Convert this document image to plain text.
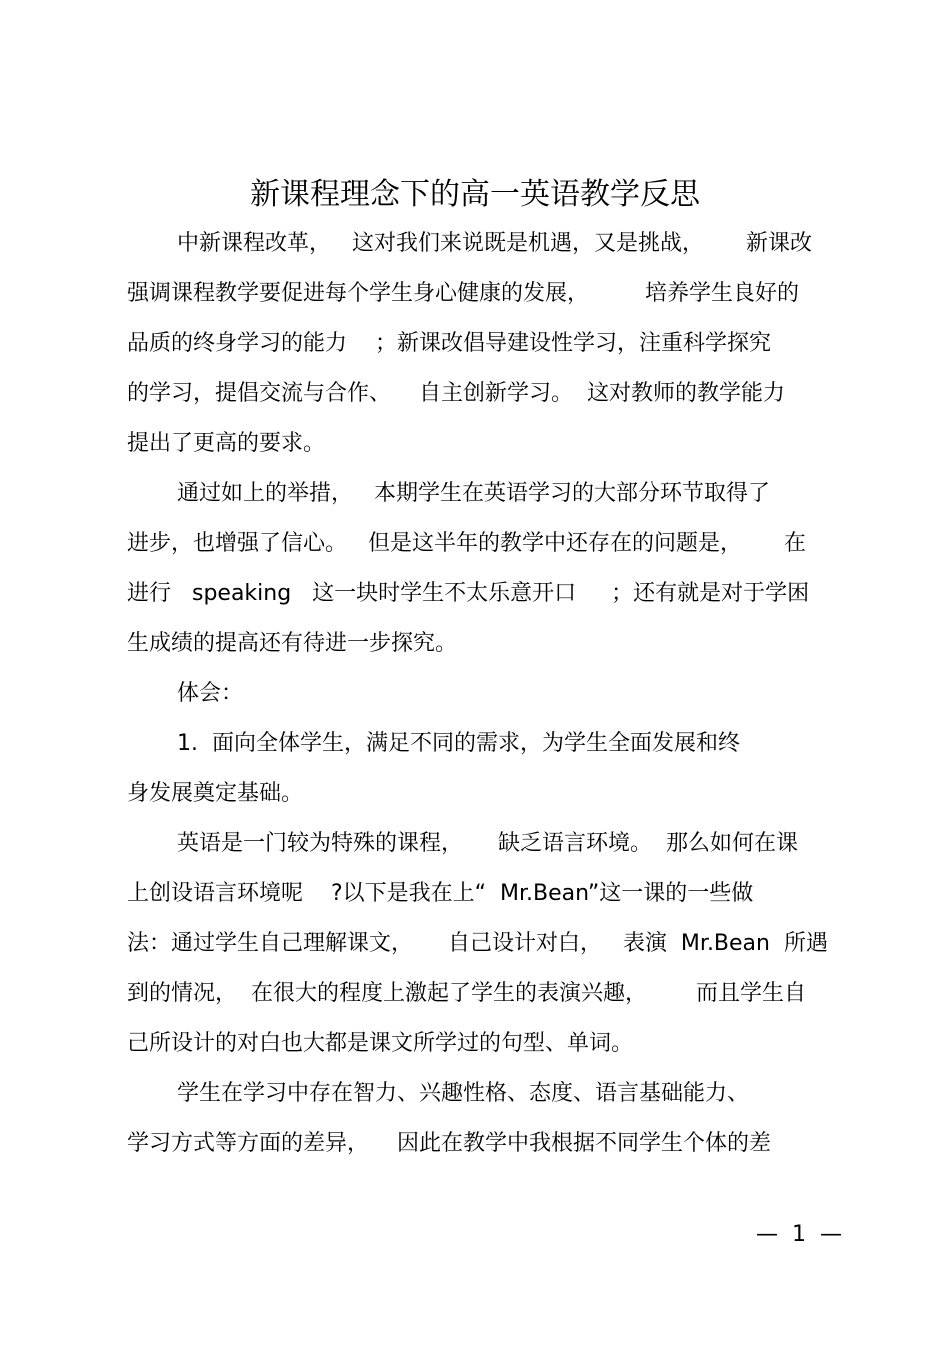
新课程理念下的高一英语教学反思
中新课程改革，   这对我们来说既是机遇，又是挑战，      新课改
强调课程教学要促进每个学生身心健康的发展，        培养学生良好的
品质的终身学习的能力    ；新课改倡导建设性学习，注重科学探究
的学习，提倡交流与合作、    自主创新学习。  这对教师的教学能力
提出了更高的要求。
通过如上的举措，   本期学生在英语学习的大部分环节取得了
进步，也增强了信心。   但是这半年的教学中还存在的问题是，      在
进行   speaking   这一块时学生不太乐意开口     ；还有就是对于学困
生成绩的提高还有待进一步探究。
体会：
1.  面向全体学生，满足不同的需求，为学生全面发展和终
身发展奠定基础。
英语是一门较为特殊的课程，     缺乏语言环境。  那么如何在课
上创设语言环境呢    ?以下是我在上“  Mr.Bean”这一课的一些做
法：通过学生自己理解课文，     自己设计对白，   表演  Mr.Bean  所遇
到的情况，  在很大的程度上激起了学生的表演兴趣，       而且学生自
己所设计的对白也大都是课文所学过的句型、单词。
学生在学习中存在智力、兴趣性格、态度、语言基础能力、
学习方式等方面的差异，    因此在教学中我根据不同学生个体的差
—  1  —
